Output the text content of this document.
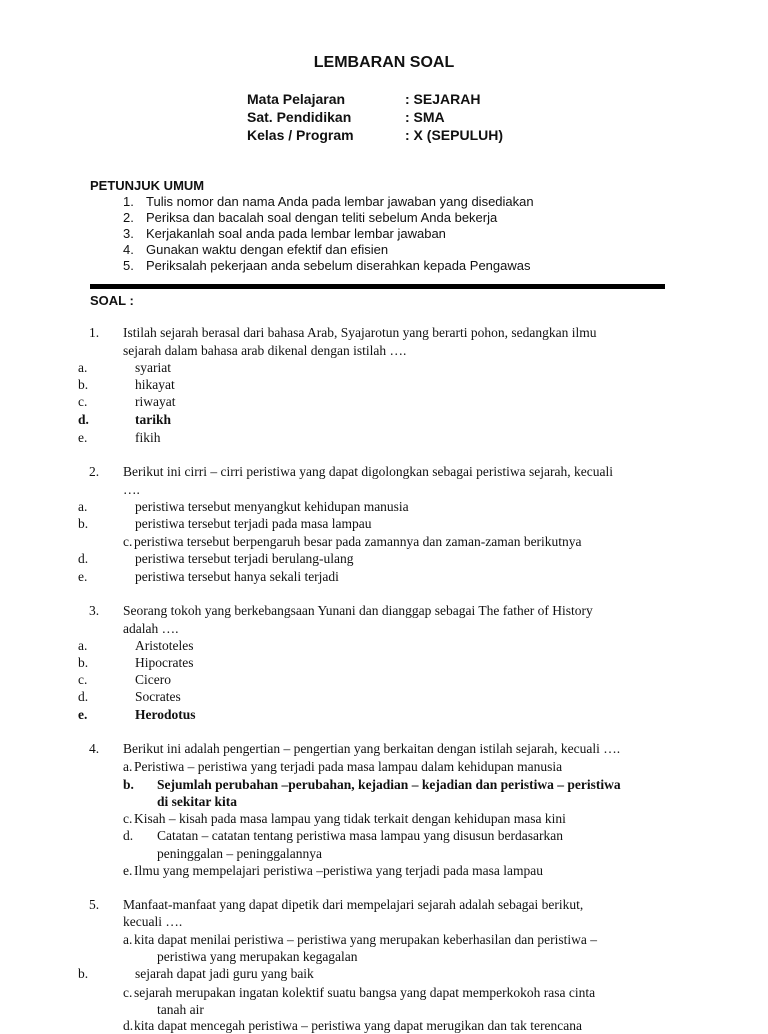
LEMBARAN SOAL
Mata Pelajaran	: SEJARAH
Sat. Pendidikan	: SMA
Kelas / Program	: X (SEPULUH)
PETUNJUK UMUM
1. Tulis nomor dan nama Anda pada lembar jawaban yang disediakan
2. Periksa dan bacalah soal dengan teliti sebelum Anda bekerja
3. Kerjakanlah soal anda pada lembar lembar jawaban
4. Gunakan waktu dengan efektif dan efisien
5. Periksalah pekerjaan anda sebelum diserahkan kepada Pengawas
SOAL :
1. Istilah sejarah berasal dari bahasa Arab, Syajarotun yang berarti pohon, sedangkan ilmu
sejarah dalam bahasa arab dikenal dengan istilah ….
a.	syariat
b.	hikayat
c.	riwayat
d.	tarikh
e.	fikih
2. Berikut ini cirri – cirri peristiwa yang dapat digolongkan sebagai peristiwa sejarah, kecuali
….
a.	peristiwa tersebut menyangkut kehidupan manusia
b.	peristiwa tersebut terjadi pada masa lampau
c. peristiwa tersebut berpengaruh besar pada zamannya dan zaman-zaman berikutnya
d.	peristiwa tersebut terjadi berulang-ulang
e.	peristiwa tersebut hanya sekali terjadi
3. Seorang tokoh yang berkebangsaan Yunani dan dianggap sebagai The father of History
adalah ….
a.	Aristoteles
b.	Hipocrates
c.	Cicero
d.	Socrates
e.	Herodotus
4. Berikut ini adalah pengertian – pengertian yang berkaitan dengan istilah sejarah, kecuali ….
a. Peristiwa – peristiwa yang terjadi pada masa lampau dalam kehidupan manusia
b. Sejumlah perubahan –perubahan, kejadian – kejadian dan peristiwa – peristiwa
di sekitar kita
c. Kisah – kisah pada masa lampau yang tidak terkait dengan kehidupan masa kini
d. Catatan – catatan tentang peristiwa masa lampau yang disusun berdasarkan
peninggalan – peninggalannya
e. Ilmu yang mempelajari peristiwa –peristiwa yang terjadi pada masa lampau
5. Manfaat-manfaat yang dapat dipetik dari mempelajari sejarah adalah sebagai berikut,
kecuali ….
a. kita dapat menilai peristiwa – peristiwa yang merupakan keberhasilan dan peristiwa –
peristiwa yang merupakan kegagalan
b.	sejarah dapat jadi guru yang baik
c. sejarah merupakan ingatan kolektif suatu bangsa yang dapat memperkokoh rasa cinta
tanah air
d. kita dapat mencegah peristiwa – peristiwa yang dapat merugikan dan tak terencana
